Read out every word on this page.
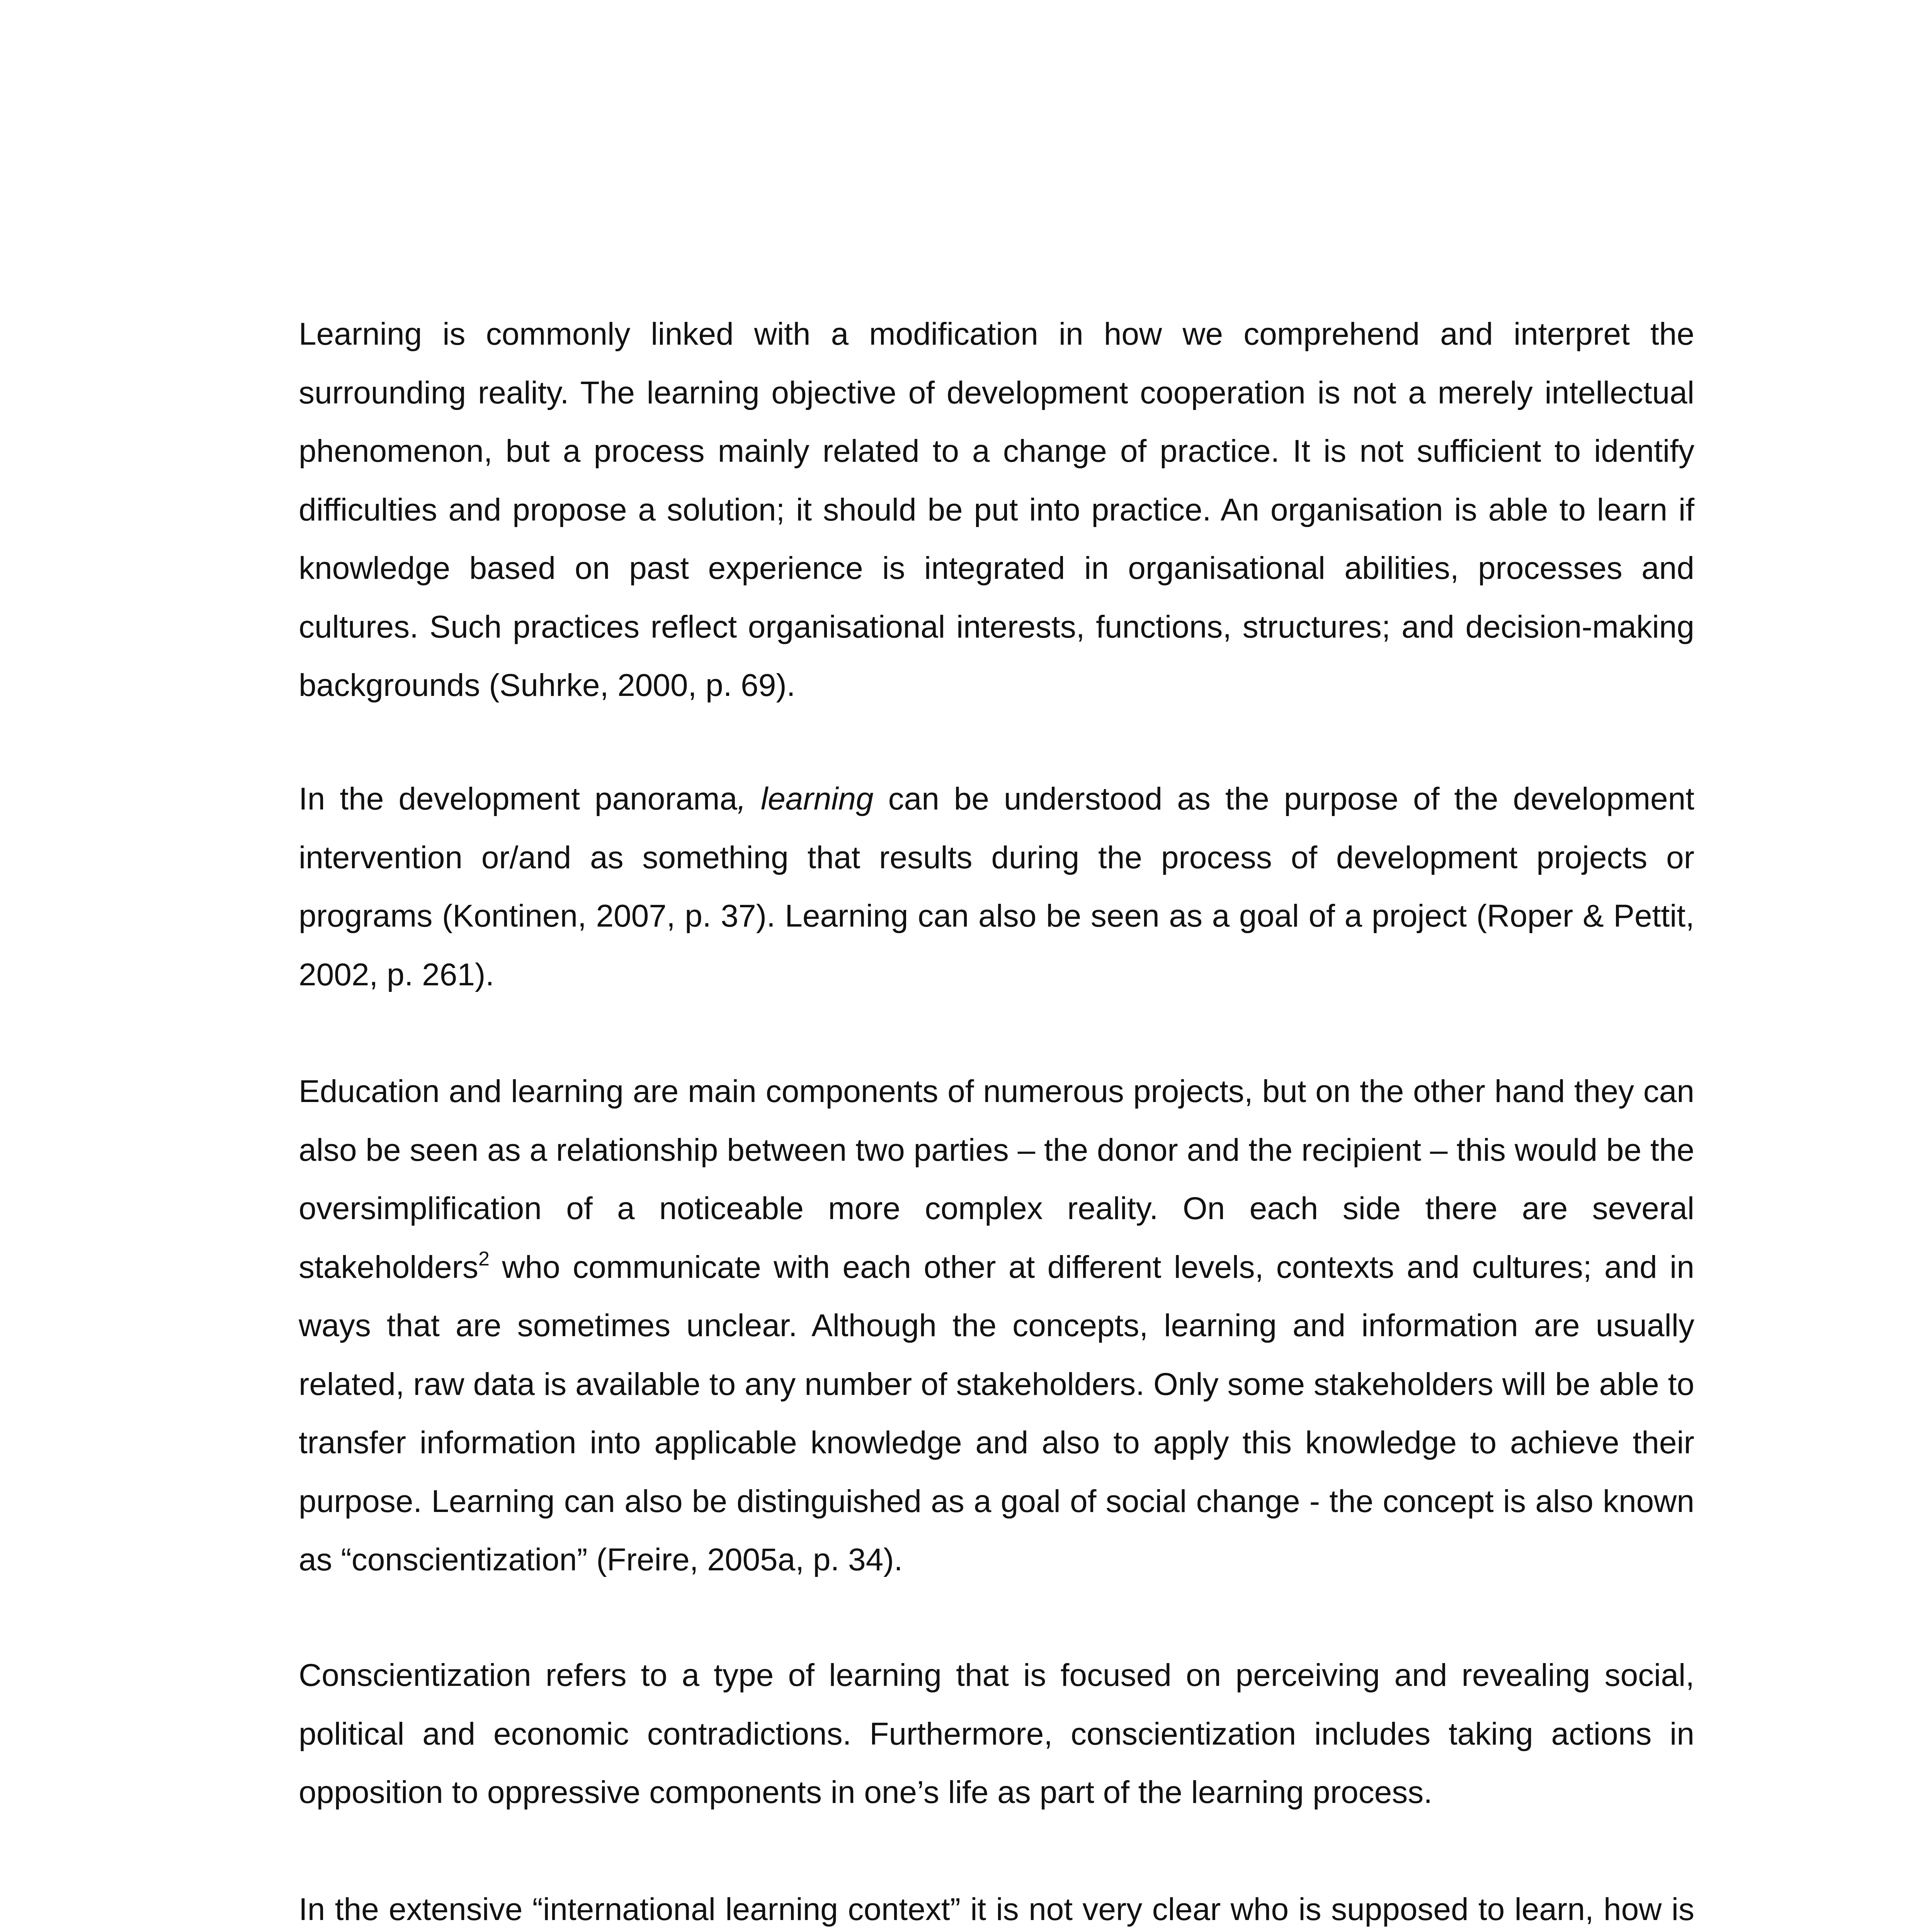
Learning is commonly linked with a modification in how we comprehend and interpret the surrounding reality. The learning objective of development cooperation is not a merely intellectual phenomenon, but a process mainly related to a change of practice. It is not sufficient to identify difficulties and propose a solution; it should be put into practice. An organisation is able to learn if knowledge based on past experience is integrated in organisational abilities, processes and cultures. Such practices reflect organisational interests, functions, structures; and decision-making backgrounds (Suhrke, 2000, p. 69).

In the development panorama, learning can be understood as the purpose of the development intervention or/and as something that results during the process of development projects or programs (Kontinen, 2007, p. 37). Learning can also be seen as a goal of a project (Roper & Pettit, 2002, p. 261).

Education and learning are main components of numerous projects, but on the other hand they can also be seen as a relationship between two parties – the donor and the recipient – this would be the oversimplification of a noticeable more complex reality. On each side there are several stakeholders$^2$ who communicate with each other at different levels, contexts and cultures; and in ways that are sometimes unclear. Although the concepts, learning and information are usually related, raw data is available to any number of stakeholders. Only some stakeholders will be able to transfer information into applicable knowledge and also to apply this knowledge to achieve their purpose. Learning can also be distinguished as a goal of social change - the concept is also known as “conscientization” (Freire, 2005a, p. 34).

Conscientization refers to a type of learning that is focused on perceiving and revealing social, political and economic contradictions. Furthermore, conscientization includes taking actions in opposition to oppressive components in one’s life as part of the learning process.

In the extensive “international learning context” it is not very clear who is supposed to learn, how is
